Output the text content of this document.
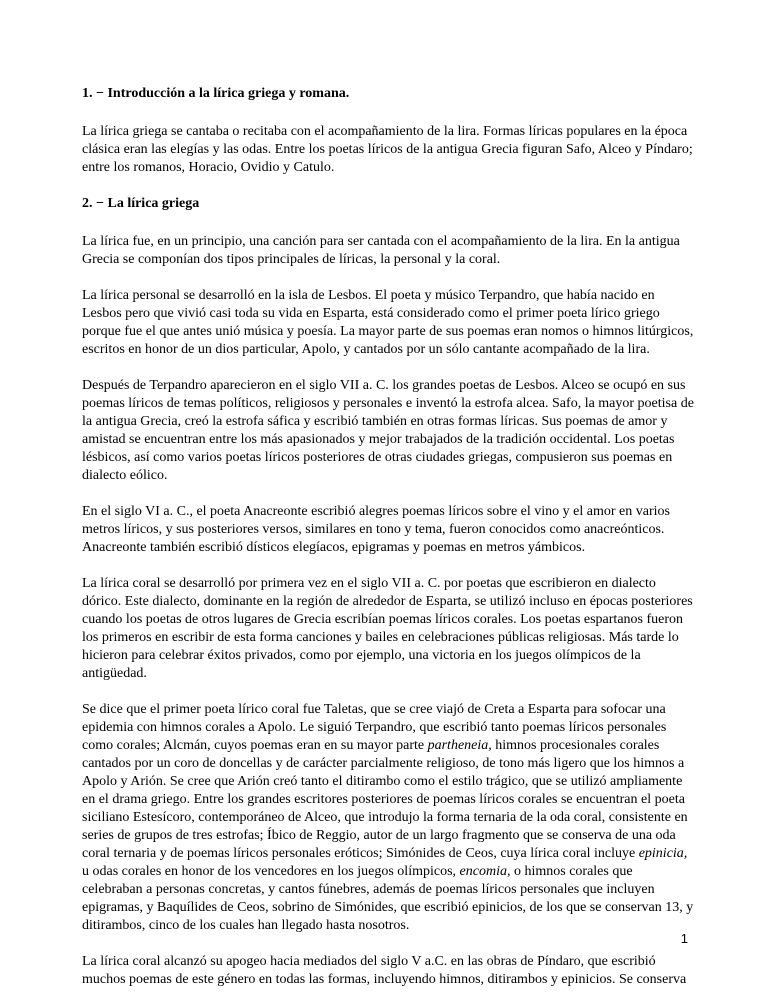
1. − Introducción a la lírica griega y romana.

La lírica griega se cantaba o recitaba con el acompañamiento de la lira. Formas líricas populares en la época clásica eran las elegías y las odas. Entre los poetas líricos de la antigua Grecia figuran Safo, Alceo y Píndaro; entre los romanos, Horacio, Ovidio y Catulo.

2. − La lírica griega

La lírica fue, en un principio, una canción para ser cantada con el acompañamiento de la lira. En la antigua Grecia se componían dos tipos principales de líricas, la personal y la coral.

La lírica personal se desarrolló en la isla de Lesbos. El poeta y músico Terpandro, que había nacido en Lesbos pero que vivió casi toda su vida en Esparta, está considerado como el primer poeta lírico griego porque fue el que antes unió música y poesía. La mayor parte de sus poemas eran nomos o himnos litúrgicos, escritos en honor de un dios particular, Apolo, y cantados por un sólo cantante acompañado de la lira.

Después de Terpandro aparecieron en el siglo VII a. C. los grandes poetas de Lesbos. Alceo se ocupó en sus poemas líricos de temas políticos, religiosos y personales e inventó la estrofa alcea. Safo, la mayor poetisa de la antigua Grecia, creó la estrofa sáfica y escribió también en otras formas líricas. Sus poemas de amor y amistad se encuentran entre los más apasionados y mejor trabajados de la tradición occidental. Los poetas lésbicos, así como varios poetas líricos posteriores de otras ciudades griegas, compusieron sus poemas en dialecto eólico.

En el siglo VI a. C., el poeta Anacreonte escribió alegres poemas líricos sobre el vino y el amor en varios metros líricos, y sus posteriores versos, similares en tono y tema, fueron conocidos como anacreónticos. Anacreonte también escribió dísticos elegíacos, epigramas y poemas en metros yámbicos.

La lírica coral se desarrolló por primera vez en el siglo VII a. C. por poetas que escribieron en dialecto dórico. Este dialecto, dominante en la región de alrededor de Esparta, se utilizó incluso en épocas posteriores cuando los poetas de otros lugares de Grecia escribían poemas líricos corales. Los poetas espartanos fueron los primeros en escribir de esta forma canciones y bailes en celebraciones públicas religiosas. Más tarde lo hicieron para celebrar éxitos privados, como por ejemplo, una victoria en los juegos olímpicos de la antigüedad.

Se dice que el primer poeta lírico coral fue Taletas, que se cree viajó de Creta a Esparta para sofocar una epidemia con himnos corales a Apolo. Le siguió Terpandro, que escribió tanto poemas líricos personales como corales; Alcmán, cuyos poemas eran en su mayor parte partheneia, himnos procesionales corales cantados por un coro de doncellas y de carácter parcialmente religioso, de tono más ligero que los himnos a Apolo y Arión. Se cree que Arión creó tanto el ditirambo como el estilo trágico, que se utilizó ampliamente en el drama griego. Entre los grandes escritores posteriores de poemas líricos corales se encuentran el poeta siciliano Estesícoro, contemporáneo de Alceo, que introdujo la forma ternaria de la oda coral, consistente en series de grupos de tres estrofas; Íbico de Reggio, autor de un largo fragmento que se conserva de una oda coral ternaria y de poemas líricos personales eróticos; Simónides de Ceos, cuya lírica coral incluye epinicia, u odas corales en honor de los vencedores en los juegos olímpicos, encomia, o himnos corales que celebraban a personas concretas, y cantos fúnebres, además de poemas líricos personales que incluyen epigramas, y Baquílides de Ceos, sobrino de Simónides, que escribió epinicios, de los que se conservan 13, y ditirambos, cinco de los cuales han llegado hasta nosotros.

La lírica coral alcanzó su apogeo hacia mediados del siglo V a.C. en las obras de Píndaro, que escribió muchos poemas de este género en todas las formas, incluyendo himnos, ditirambos y epinicios. Se conserva

1
